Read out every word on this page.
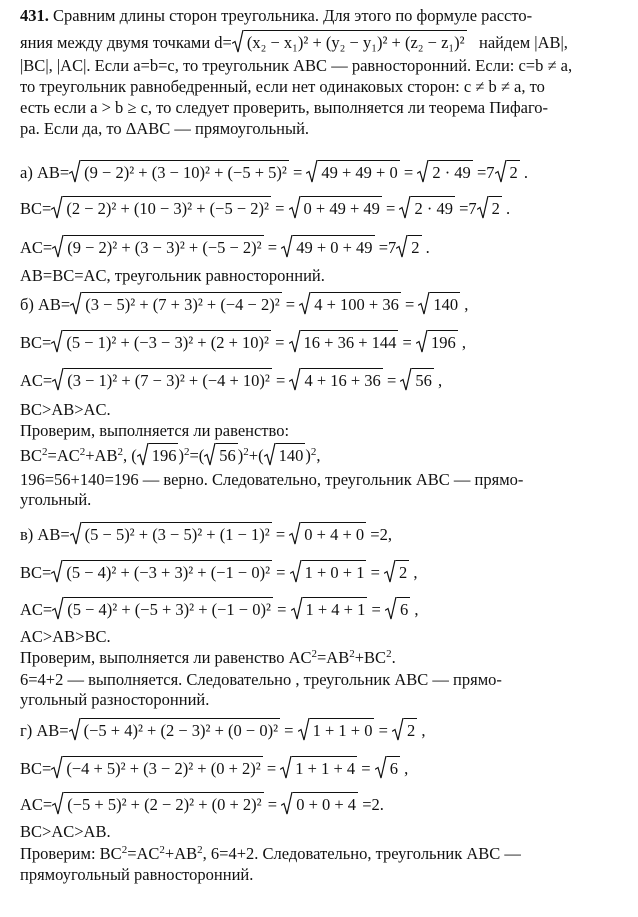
431. Сравним длины сторон треугольника. Для этого по формуле рассто-
яния между двумя точками d= (x₂ − x₁)² + (y₂ − y₁)² + (z₂ − z₁)² найдем |AB|,
|BC|, |AC|. Если a=b=c, то треугольник ABC — равносторонний. Если: c=b ≠ a,
то треугольник равнобедренный, если нет одинаковых сторон: c ≠ b ≠ a, то
есть если a > b ≥ c, то следует проверить, выполняется ли теорема Пифаго-
ра. Если да, то ΔABC — прямоугольный.
а) AB= (9 − 2)² + (3 − 10)² + (−5 + 5)² =
49 + 49 + 0 =
2 · 49 =7 2 .
BC= (2 − 2)² + (10 − 3)² + (−5 − 2)² =
0 + 49 + 49 =
2 · 49 =7 2 .
AC= (9 − 2)² + (3 − 3)² + (−5 − 2)² =
49 + 0 + 49 =7 2 .
AB=BC=AC, треугольник равносторонний.
б) AB= (3 − 5)² + (7 + 3)² + (−4 − 2)² =
4 + 100 + 36 =
140 ,
BC= (5 − 1)² + (−3 − 3)² + (2 + 10)² =
16 + 36 + 144 =
196 ,
AC= (3 − 1)² + (7 − 3)² + (−4 + 10)² =
4 + 16 + 36 =
56 ,
BC>AB>AC.
Проверим, выполняется ли равенство:
$BC^2=AC^2+AB^2$, ( 196 )$^2$=( 56 )$^2$+( 140 )$^2$,
196=56+140=196 — верно. Следовательно, треугольник ABC — прямо-
угольный.
в) AB= (5 − 5)² + (3 − 5)² + (1 − 1)² =
0 + 4 + 0 =2,
BC= (5 − 4)² + (−3 + 3)² + (−1 − 0)² =
1 + 0 + 1 =
2 ,
AC= (5 − 4)² + (−5 + 3)² + (−1 − 0)² =
1 + 4 + 1 =
6 ,
AC>AB>BC.
Проверим, выполняется ли равенство $AC^2=AB^2+BC^2$.
6=4+2 — выполняется. Следовательно , треугольник ABC — прямо-
угольный разносторонний.
г) AB= (−5 + 4)² + (2 − 3)² + (0 − 0)² =
1 + 1 + 0 =
2 ,
BC= (−4 + 5)² + (3 − 2)² + (0 + 2)² =
1 + 1 + 4 =
6 ,
AC= (−5 + 5)² + (2 − 2)² + (0 + 2)² =
0 + 0 + 4 =2.
BC>AC>AB.
Проверим: $BC^2=AC^2+AB^2$, 6=4+2. Следовательно, треугольник ABC —
прямоугольный равносторонний.
